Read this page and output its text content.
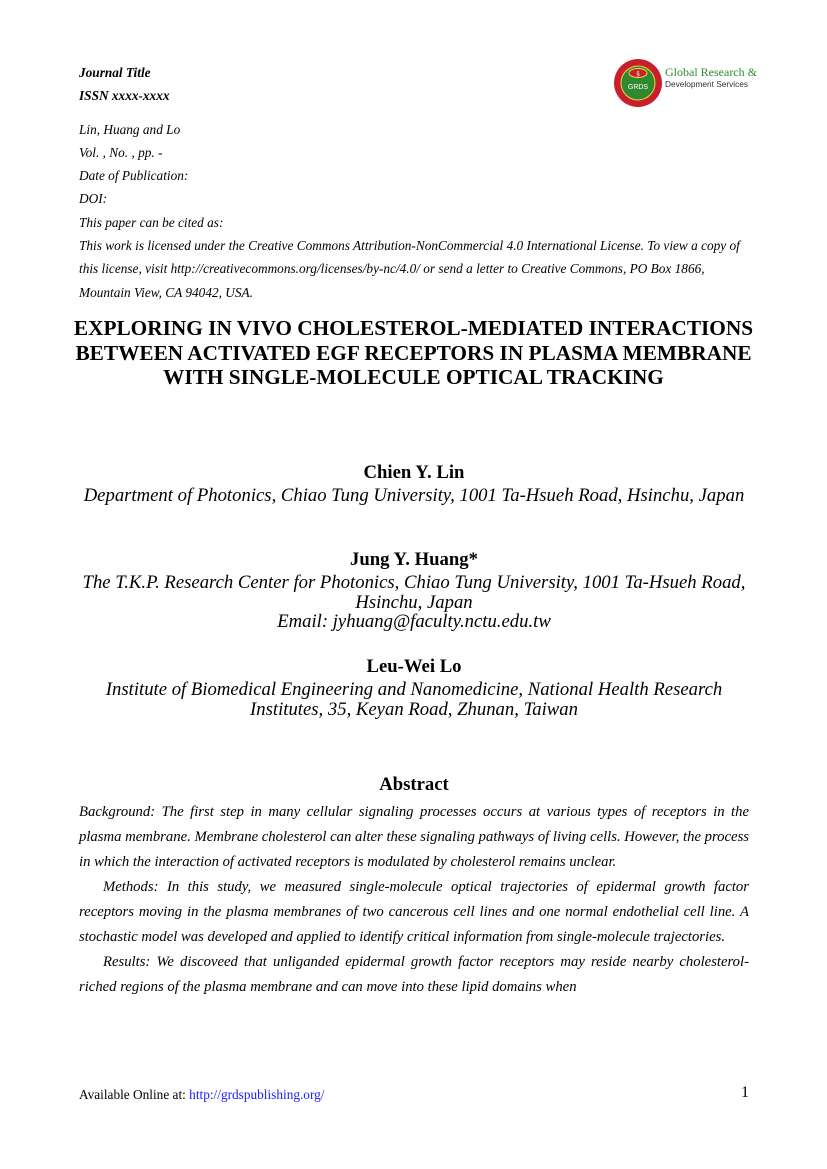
Journal Title
ISSN xxxx-xxxx
Lin, Huang and Lo
Vol. , No. , pp. -
Date of Publication:
DOI:
This paper can be cited as:
This work is licensed under the Creative Commons Attribution-NonCommercial 4.0 International License. To view a copy of this license, visit http://creativecommons.org/licenses/by-nc/4.0/ or send a letter to Creative Commons, PO Box 1866, Mountain View, CA 94042, USA.
§
GRDS
Global Research &
Development Services
EXPLORING IN VIVO CHOLESTEROL-MEDIATED INTERACTIONS BETWEEN ACTIVATED EGF RECEPTORS IN PLASMA MEMBRANE WITH SINGLE-MOLECULE OPTICAL TRACKING
Chien Y. Lin
Department of Photonics, Chiao Tung University, 1001 Ta-Hsueh Road, Hsinchu, Japan
Jung Y. Huang*
The T.K.P. Research Center for Photonics, Chiao Tung University, 1001 Ta-Hsueh Road, Hsinchu, Japan
Email: jyhuang@faculty.nctu.edu.tw
Leu-Wei Lo
Institute of Biomedical Engineering and Nanomedicine, National Health Research Institutes, 35, Keyan Road, Zhunan, Taiwan
Abstract

Background: The first step in many cellular signaling processes occurs at various types of receptors in the plasma membrane. Membrane cholesterol can alter these signaling pathways of living cells. However, the process in which the interaction of activated receptors is modulated by cholesterol remains unclear.

Methods: In this study, we measured single-molecule optical trajectories of epidermal growth factor receptors moving in the plasma membranes of two cancerous cell lines and one normal endothelial cell line. A stochastic model was developed and applied to identify critical information from single-molecule trajectories.

Results: We discoveed that unliganded epidermal growth factor receptors may reside nearby cholesterol-riched regions of the plasma membrane and can move into these lipid domains when

Available Online at: http://grdspublishing.org/	1
